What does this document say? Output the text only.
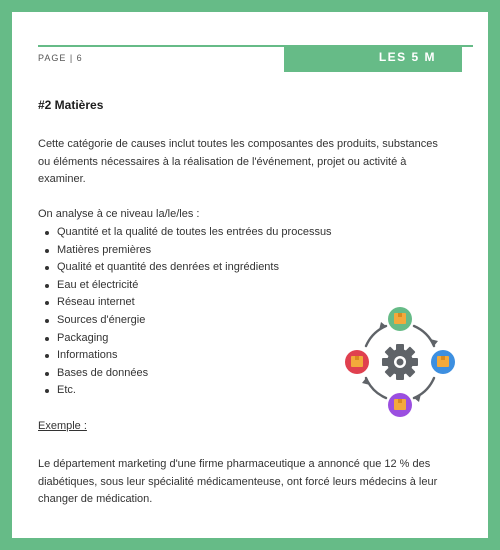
PAGE | 6	LES 5 M
#2 Matières

Cette catégorie de causes inclut toutes les composantes des produits, substances ou éléments nécessaires à la réalisation de l'événement, projet ou activité à examiner.

On analyse à ce niveau la/le/les :

Quantité et la qualité de toutes les entrées du processus
Matières premières
Qualité et quantité des denrées et ingrédients
Eau et électricité
Réseau internet
Sources d'énergie
Packaging
Informations
Bases de données
Etc.
Exemple :

Le département marketing d'une firme pharmaceutique a annoncé que 12 % des diabétiques, sous leur spécialité médicamenteuse, ont forcé leurs médecins à leur changer de médication.
